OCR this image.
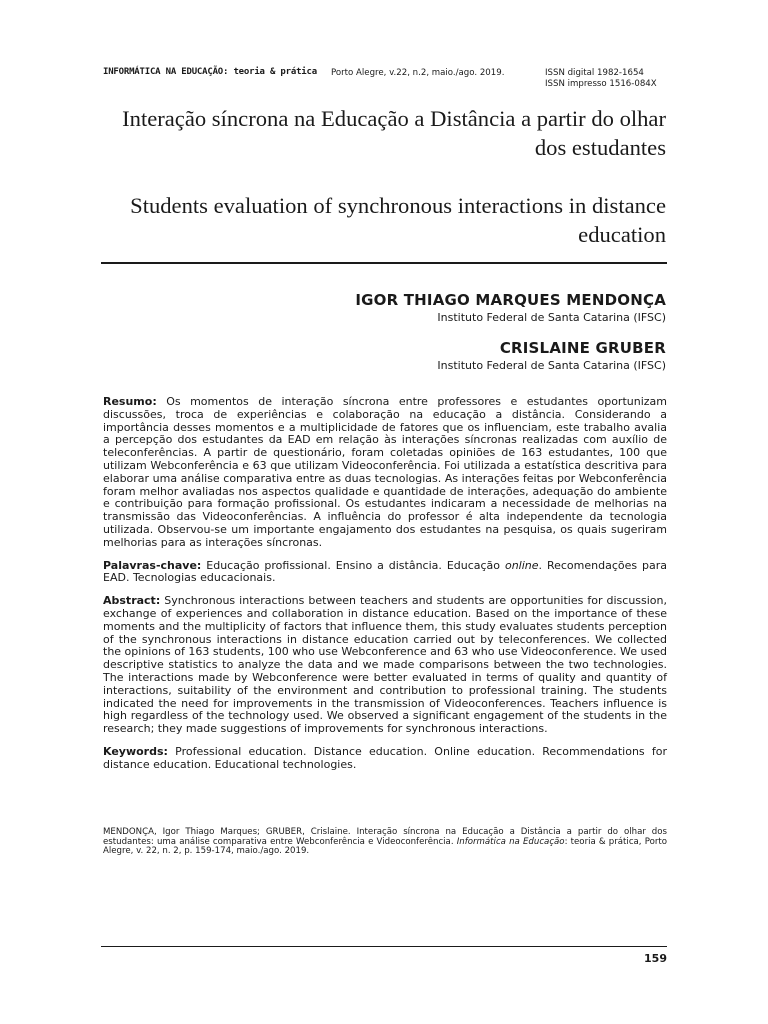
INFORMÁTICA NA EDUCAÇÃO: teoria & prática Porto Alegre, v.22, n.2, maio./ago. 2019.	ISSN digital 1982-1654
ISSN impresso 1516-084X

Interação síncrona na Educação a Distância a partir do olhar dos estudantes

Students evaluation of synchronous interactions in distance education

IGOR THIAGO MARQUES MENDONÇA
Instituto Federal de Santa Catarina (IFSC)
CRISLAINE GRUBER
Instituto Federal de Santa Catarina (IFSC)

Resumo: Os momentos de interação síncrona entre professores e estudantes oportunizam discussões, troca de experiências e colaboração na educação a distância. Considerando a importância desses momentos e a multiplicidade de fatores que os influenciam, este trabalho avalia a percepção dos estudantes da EAD em relação às interações síncronas realizadas com auxílio de teleconferências. A partir de questionário, foram coletadas opiniões de 163 estudantes, 100 que utilizam Webconferência e 63 que utilizam Videoconferência. Foi utilizada a estatística descritiva para elaborar uma análise comparativa entre as duas tecnologias. As interações feitas por Webconferência foram melhor avaliadas nos aspectos qualidade e quantidade de interações, adequação do ambiente e contribuição para formação profissional. Os estudantes indicaram a necessidade de melhorias na transmissão das Videoconferências. A influência do professor é alta independente da tecnologia utilizada. Observou-se um importante engajamento dos estudantes na pesquisa, os quais sugeriram melhorias para as interações síncronas.

Palavras-chave: Educação profissional. Ensino a distância. Educação online. Recomendações para EAD. Tecnologias educacionais.

Abstract: Synchronous interactions between teachers and students are opportunities for discussion, exchange of experiences and collaboration in distance education. Based on the importance of these moments and the multiplicity of factors that influence them, this study evaluates students perception of the synchronous interactions in distance education carried out by teleconferences. We collected the opinions of 163 students, 100 who use Webconference and 63 who use Videoconference. We used descriptive statistics to analyze the data and we made comparisons between the two technologies. The interactions made by Webconference were better evaluated in terms of quality and quantity of interactions, suitability of the environment and contribution to professional training. The students indicated the need for improvements in the transmission of Videoconferences. Teachers influence is high regardless of the technology used. We observed a significant engagement of the students in the research; they made suggestions of improvements for synchronous interactions.

Keywords: Professional education. Distance education. Online education. Recommendations for distance education. Educational technologies.

MENDONÇA, Igor Thiago Marques; GRUBER, Crislaine. Interação síncrona na Educação a Distância a partir do olhar dos estudantes: uma análise comparativa entre Webconferência e Videoconferência. Informática na Educação: teoria & prática, Porto Alegre, v. 22, n. 2, p. 159-174, maio./ago. 2019.
159
